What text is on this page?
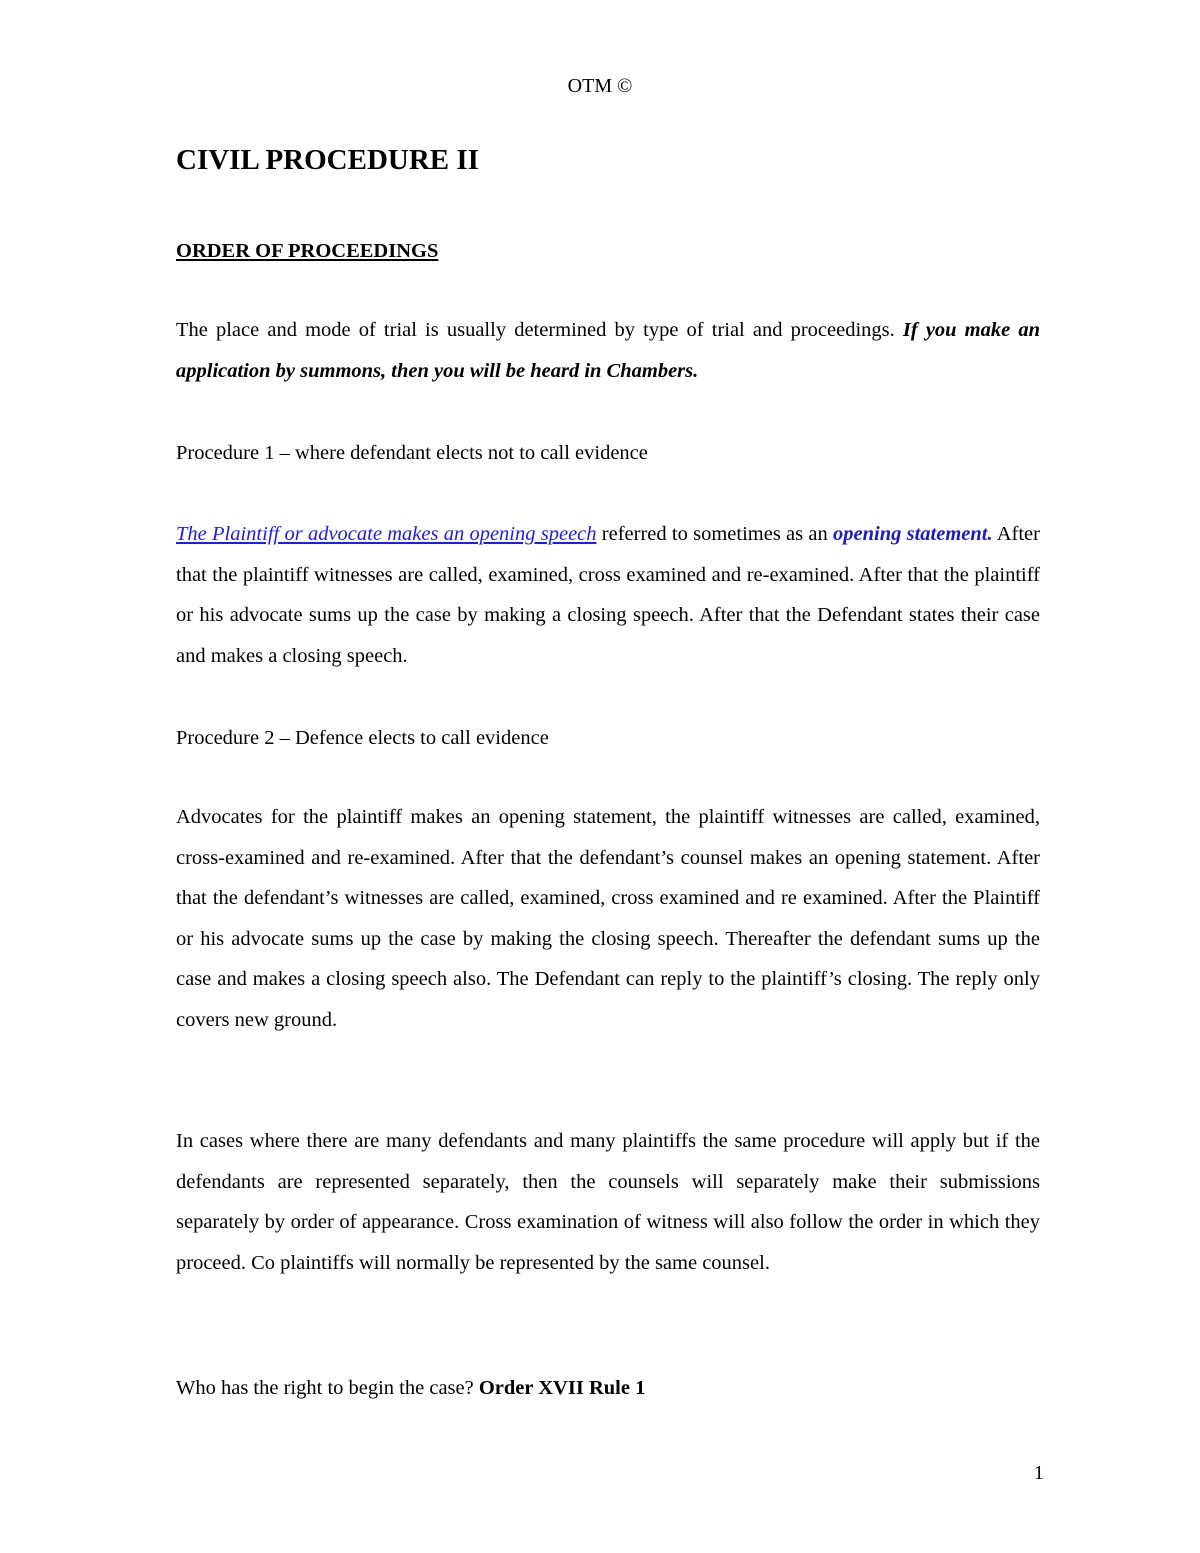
OTM ©
CIVIL PROCEDURE II
ORDER OF PROCEEDINGS
The place and mode of trial is usually determined by type of trial and proceedings. If you make an application by summons, then you will be heard in Chambers.
Procedure 1 – where defendant elects not to call evidence
The Plaintiff or advocate makes an opening speech referred to sometimes as an opening statement. After that the plaintiff witnesses are called, examined, cross examined and re-examined. After that the plaintiff or his advocate sums up the case by making a closing speech. After that the Defendant states their case and makes a closing speech.
Procedure 2 – Defence elects to call evidence
Advocates for the plaintiff makes an opening statement, the plaintiff witnesses are called, examined, cross-examined and re-examined. After that the defendant’s counsel makes an opening statement. After that the defendant’s witnesses are called, examined, cross examined and re examined. After the Plaintiff or his advocate sums up the case by making the closing speech. Thereafter the defendant sums up the case and makes a closing speech also. The Defendant can reply to the plaintiff’s closing. The reply only covers new ground.
In cases where there are many defendants and many plaintiffs the same procedure will apply but if the defendants are represented separately, then the counsels will separately make their submissions separately by order of appearance. Cross examination of witness will also follow the order in which they proceed. Co plaintiffs will normally be represented by the same counsel.
Who has the right to begin the case? Order XVII Rule 1
1
